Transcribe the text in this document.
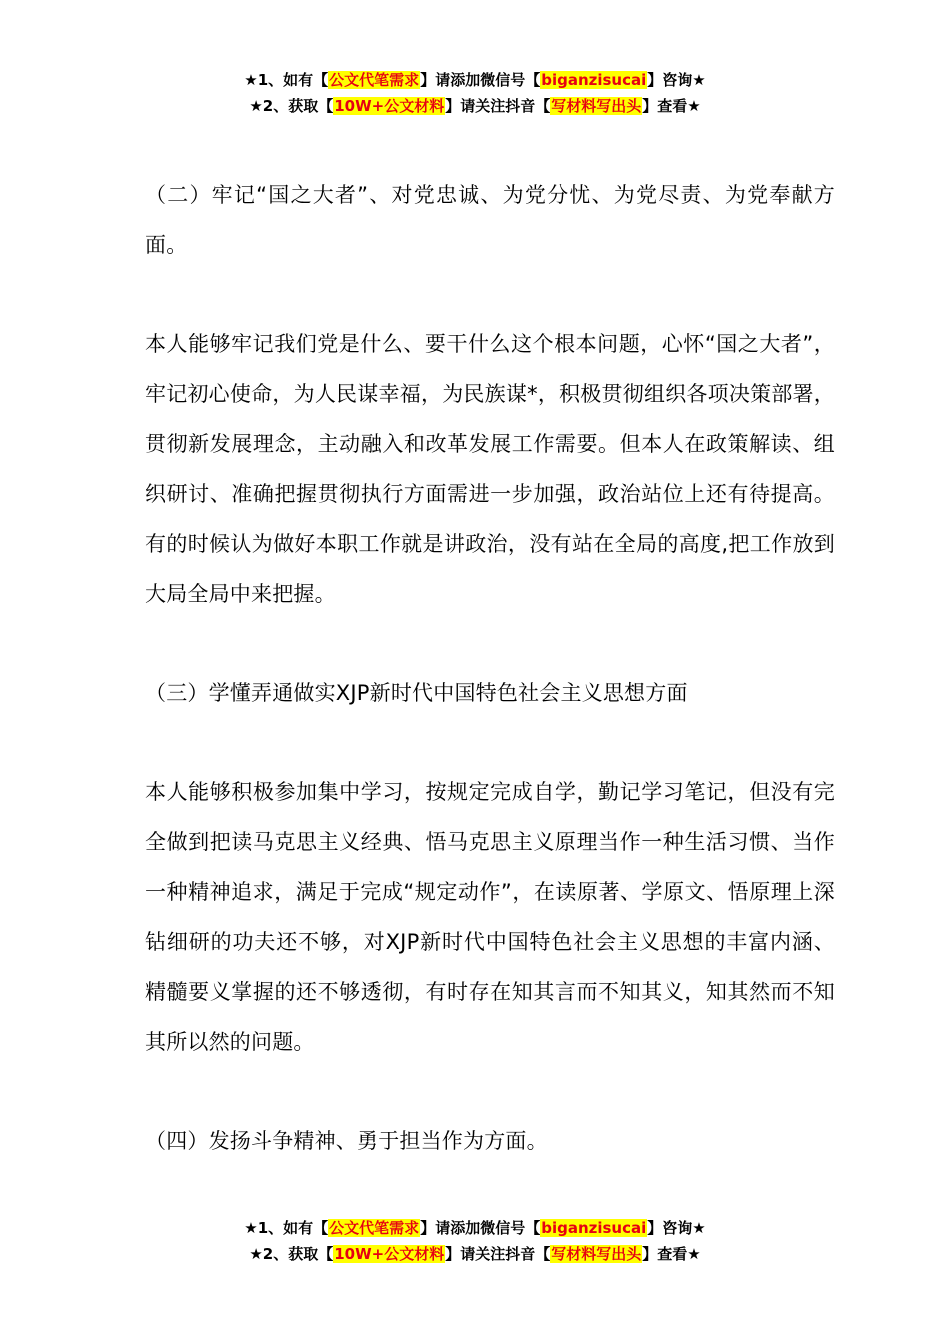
★1、如有【公文代笔需求】请添加微信号【biganzisucai】咨询★
★2、获取【10W+公文材料】请关注抖音【写材料写出头】查看★

（二）牢记“国之大者”、对党忠诚、为党分忧、为党尽责、为党奉献方面。

本人能够牢记我们党是什么、要干什么这个根本问题，心怀“国之大者”，牢记初心使命，为人民谋幸福，为民族谋*，积极贯彻组织各项决策部署，贯彻新发展理念，主动融入和改革发展工作需要。但本人在政策解读、组织研讨、准确把握贯彻执行方面需进一步加强，政治站位上还有待提高。有的时候认为做好本职工作就是讲政治，没有站在全局的高度,把工作放到大局全局中来把握。

（三）学懂弄通做实XJP新时代中国特色社会主义思想方面

本人能够积极参加集中学习，按规定完成自学，勤记学习笔记，但没有完全做到把读马克思主义经典、悟马克思主义原理当作一种生活习惯、当作一种精神追求，满足于完成“规定动作”，在读原著、学原文、悟原理上深钻细研的功夫还不够，对XJP新时代中国特色社会主义思想的丰富内涵、精髓要义掌握的还不够透彻，有时存在知其言而不知其义，知其然而不知其所以然的问题。

（四）发扬斗争精神、勇于担当作为方面。

★1、如有【公文代笔需求】请添加微信号【biganzisucai】咨询★
★2、获取【10W+公文材料】请关注抖音【写材料写出头】查看★
